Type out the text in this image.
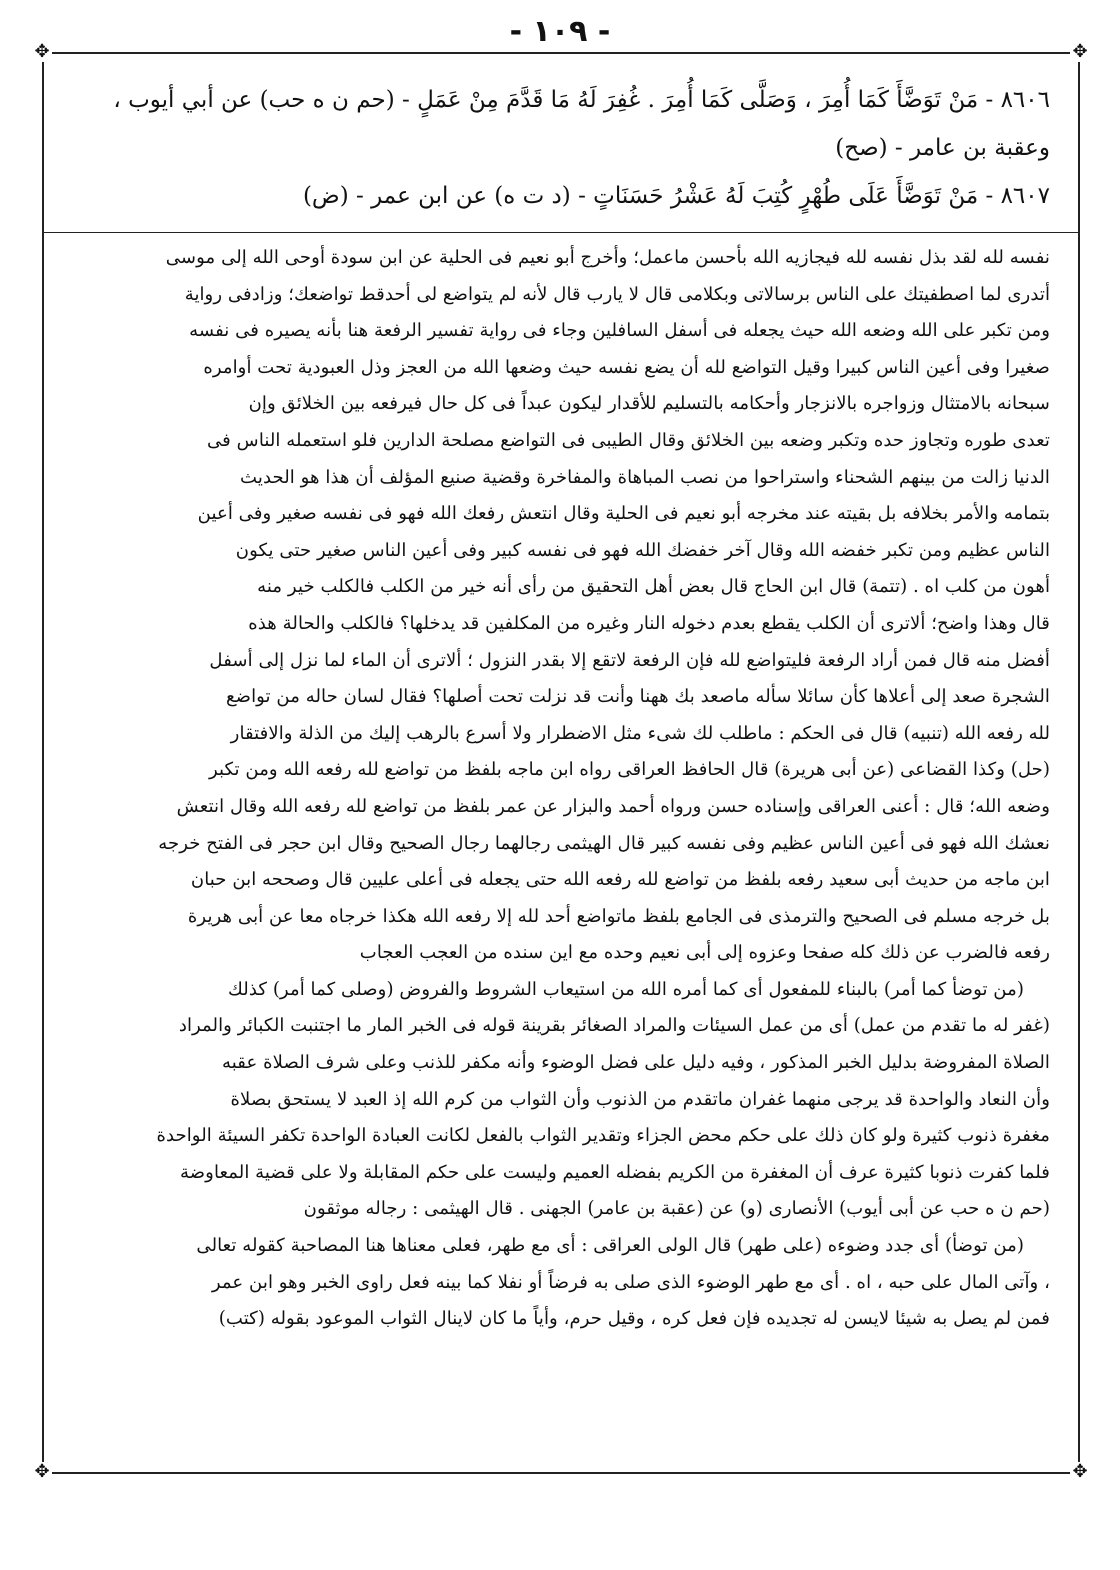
- ١٠٩ -
✥	✥
✥	✥

٨٦٠٦ - مَنْ تَوَضَّأَ كَمَا أُمِرَ ، وَصَلَّى كَمَا أُمِرَ . غُفِرَ لَهُ مَا قَدَّمَ مِنْ عَمَلٍ - (حم ن ه حب) عن أبي أيوب ،

وعقبة بن عامر - (صح)

٨٦٠٧ - مَنْ تَوَضَّأَ عَلَى طُهْرٍ كُتِبَ لَهُ عَشْرُ حَسَنَاتٍ - (د ت ه) عن ابن عمر - (ض)

نفسه لله لقد بذل نفسه لله فيجازيه الله بأحسن ماعمل؛ وأخرج أبو نعيم فى الحلية عن ابن سودة أوحى الله إلى موسى

أتدرى لما اصطفيتك على الناس برسالاتى وبكلامى قال لا يارب قال لأنه لم يتواضع لى أحدقط تواضعك؛ وزادفى رواية

ومن تكبر على الله وضعه الله حيث يجعله فى أسفل السافلين وجاء فى رواية تفسير الرفعة هنا بأنه يصيره فى نفسه

صغيرا وفى أعين الناس كبيرا وقيل التواضع لله أن يضع نفسه حيث وضعها الله من العجز وذل العبودية تحت أوامره

سبحانه بالامتثال وزواجره بالانزجار وأحكامه بالتسليم للأقدار ليكون عبداً فى كل حال فيرفعه بين الخلائق وإن

تعدى طوره وتجاوز حده وتكبر وضعه بين الخلائق وقال الطيبى فى التواضع مصلحة الدارين فلو استعمله الناس فى

الدنيا زالت من بينهم الشحناء واستراحوا من نصب المباهاة والمفاخرة وقضية صنيع المؤلف أن هذا هو الحديث

بتمامه والأمر بخلافه بل بقيته عند مخرجه أبو نعيم فى الحلية وقال انتعش رفعك الله فهو فى نفسه صغير وفى أعين

الناس عظيم ومن تكبر خفضه الله وقال آخر خفضك الله فهو فى نفسه كبير وفى أعين الناس صغير حتى يكون

أهون من كلب اه . (تتمة) قال ابن الحاج قال بعض أهل التحقيق من رأى أنه خير من الكلب فالكلب خير منه

قال وهذا واضح؛ ألاترى أن الكلب يقطع بعدم دخوله النار وغيره من المكلفين قد يدخلها؟ فالكلب والحالة هذه

أفضل منه قال فمن أراد الرفعة فليتواضع لله فإن الرفعة لاتقع إلا بقدر النزول ؛ ألاترى أن الماء لما نزل إلى أسفل

الشجرة صعد إلى أعلاها كأن سائلا سأله ماصعد بك ههنا وأنت قد نزلت تحت أصلها؟ فقال لسان حاله من تواضع

لله رفعه الله (تنبيه) قال فى الحكم : ماطلب لك شىء مثل الاضطرار ولا أسرع بالرهب إليك من الذلة والافتقار

(حل) وكذا القضاعى (عن أبى هريرة) قال الحافظ العراقى رواه ابن ماجه بلفظ من تواضع لله رفعه الله ومن تكبر

وضعه الله؛ قال : أعنى العراقى وإسناده حسن ورواه أحمد والبزار عن عمر بلفظ من تواضع لله رفعه الله وقال انتعش

نعشك الله فهو فى أعين الناس عظيم وفى نفسه كبير قال الهيثمى رجالهما رجال الصحيح وقال ابن حجر فى الفتح خرجه

ابن ماجه من حديث أبى سعيد رفعه بلفظ من تواضع لله رفعه الله حتى يجعله فى أعلى عليين قال وصححه ابن حبان

بل خرجه مسلم فى الصحيح والترمذى فى الجامع بلفظ ماتواضع أحد لله إلا رفعه الله هكذا خرجاه معا عن أبى هريرة

رفعه فالضرب عن ذلك كله صفحا وعزوه إلى أبى نعيم وحده مع اين سنده من العجب العجاب

(من توضأ كما أمر) بالبناء للمفعول أى كما أمره الله من استيعاب الشروط والفروض (وصلى كما أمر) كذلك

(غفر له ما تقدم من عمل) أى من عمل السيئات والمراد الصغائر بقرينة قوله فى الخبر المار ما اجتنبت الكبائر والمراد

الصلاة المفروضة بدليل الخبر المذكور ، وفيه دليل على فضل الوضوء وأنه مكفر للذنب وعلى شرف الصلاة عقبه

وأن النعاد والواحدة قد يرجى منهما غفران ماتقدم من الذنوب وأن الثواب من كرم الله إذ العبد لا يستحق بصلاة

مغفرة ذنوب كثيرة ولو كان ذلك على حكم محض الجزاء وتقدير الثواب بالفعل لكانت العبادة الواحدة تكفر السيئة الواحدة

فلما كفرت ذنوبا كثيرة عرف أن المغفرة من الكريم بفضله العميم وليست على حكم المقابلة ولا على قضية المعاوضة

(حم ن ه حب عن أبى أيوب) الأنصارى (و) عن (عقبة بن عامر) الجهنى . قال الهيثمى : رجاله موثقون

(من توضأ) أى جدد وضوءه (على طهر) قال الولى العراقى : أى مع طهر، فعلى معناها هنا المصاحبة كقوله تعالى

، وآتى المال على حبه ، اه . أى مع طهر الوضوء الذى صلى به فرضاً أو نفلا كما بينه فعل راوى الخبر وهو ابن عمر

فمن لم يصل به شيئا لايسن له تجديده فإن فعل كره ، وقيل حرم، وأياً ما كان لاينال الثواب الموعود بقوله (كتب)
